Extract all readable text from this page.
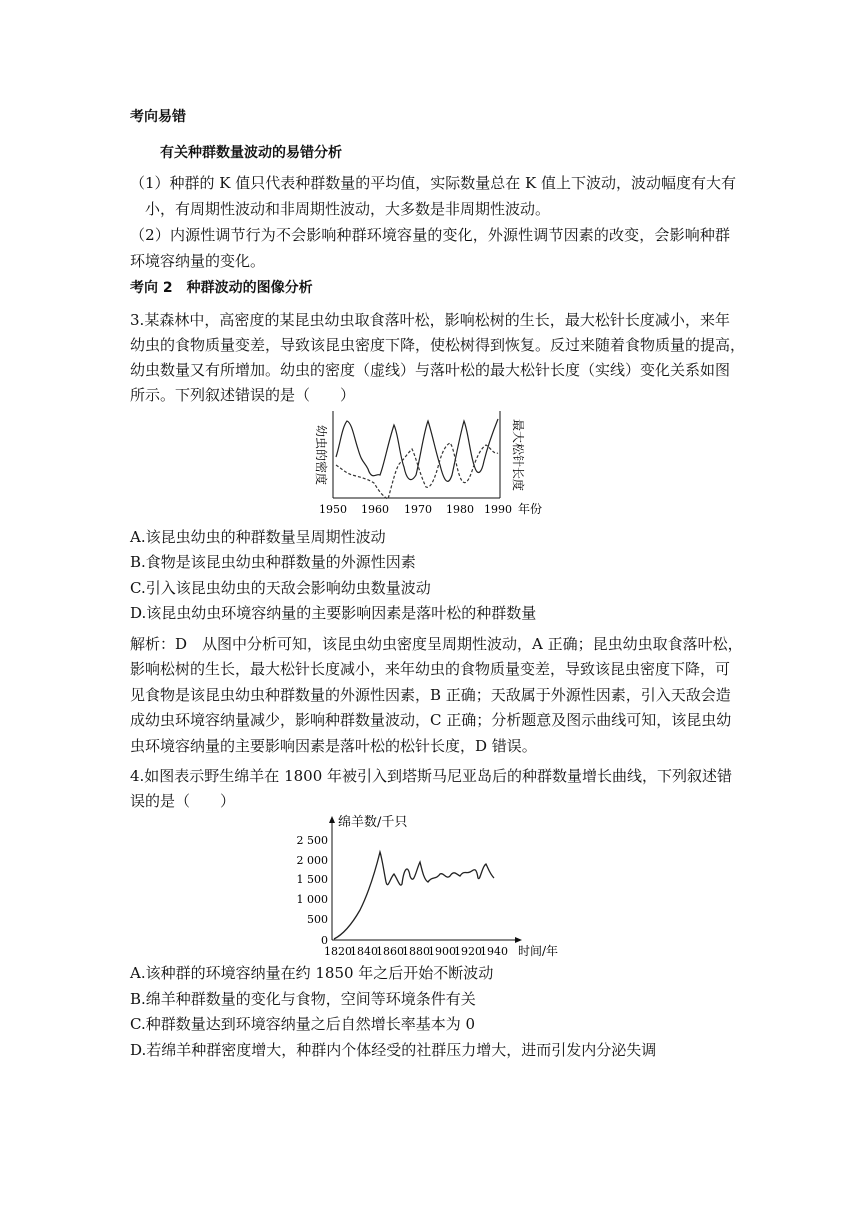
考向易错
有关种群数量波动的易错分析
（1）种群的 K 值只代表种群数量的平均值，实际数量总在 K 值上下波动，波动幅度有大有
小，有周期性波动和非周期性波动，大多数是非周期性波动。
（2）内源性调节行为不会影响种群环境容量的变化，外源性调节因素的改变，会影响种群
环境容纳量的变化。
考向 2　种群波动的图像分析
3.某森林中，高密度的某昆虫幼虫取食落叶松，影响松树的生长，最大松针长度减小，来年
幼虫的食物质量变差，导致该昆虫密度下降，使松树得到恢复。反过来随着食物质量的提高，
幼虫数量又有所增加。幼虫的密度（虚线）与落叶松的最大松针长度（实线）变化关系如图
所示。下列叙述错误的是（　　）
幼虫的密度	最大松针长度
1950 1960 1970 1980 1990 年份
A.该昆虫幼虫的种群数量呈周期性波动
B.食物是该昆虫幼虫种群数量的外源性因素
C.引入该昆虫幼虫的天敌会影响幼虫数量波动
D.该昆虫幼虫环境容纳量的主要影响因素是落叶松的种群数量
解析：D　从图中分析可知，该昆虫幼虫密度呈周期性波动，A 正确；昆虫幼虫取食落叶松，
影响松树的生长，最大松针长度减小，来年幼虫的食物质量变差，导致该昆虫密度下降，可
见食物是该昆虫幼虫种群数量的外源性因素，B 正确；天敌属于外源性因素，引入天敌会造
成幼虫环境容纳量减少，影响种群数量波动，C 正确；分析题意及图示曲线可知，该昆虫幼
虫环境容纳量的主要影响因素是落叶松的松针长度，D 错误。
4.如图表示野生绵羊在 1800 年被引入到塔斯马尼亚岛后的种群数量增长曲线，下列叙述错
误的是（　　）
绵羊数/千只
0
500
1 000
1 500
2 000
2 500
1820
1840
1860
1880
1900
1920
1940 时间/年
A.该种群的环境容纳量在约 1850 年之后开始不断波动
B.绵羊种群数量的变化与食物，空间等环境条件有关
C.种群数量达到环境容纳量之后自然增长率基本为 0
D.若绵羊种群密度增大，种群内个体经受的社群压力增大，进而引发内分泌失调
